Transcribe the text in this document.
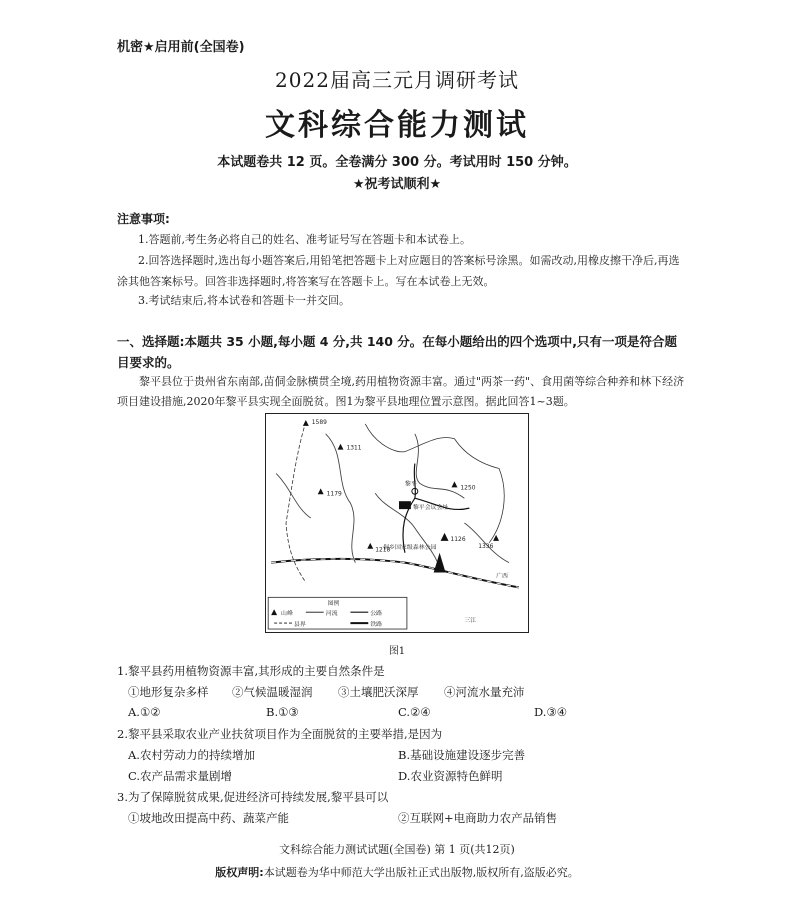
机密★启用前(全国卷)
2022届高三元月调研考试
文科综合能力测试
本试题卷共 12 页。全卷满分 300 分。考试用时 150 分钟。
★祝考试顺利★
注意事项:
1.答题前,考生务必将自己的姓名、准考证号写在答题卡和本试卷上。
2.回答选择题时,选出每小题答案后,用铅笔把答题卡上对应题目的答案标号涂黑。如需改动,用橡皮擦干净后,再选涂其他答案标号。回答非选择题时,将答案写在答题卡上。写在本试卷上无效。
3.考试结束后,将本试卷和答题卡一并交回。
一、选择题:本题共 35 小题,每小题 4 分,共 140 分。在每小题给出的四个选项中,只有一项是符合题目要求的。
黎平县位于贵州省东南部,苗侗金脉横贯全境,药用植物资源丰富。通过"两茶一药"、食用菌等综合种养和林下经济项目建设措施,2020年黎平县实现全面脱贫。图1为黎平县地理位置示意图。据此回答1~3题。
1589
1311
1179
1250
1218
1126
1336
黎平
黎平会议会址
侗乡国家级森林公园
广西
三江
图例
山峰	河流	公路
县界	铁路
图1
1.黎平县药用植物资源丰富,其形成的主要自然条件是
①地形复杂多样 ②气候温暖湿润 ③土壤肥沃深厚 ④河流水量充沛
A.①②	B.①③	C.②④	D.③④
2.黎平县采取农业产业扶贫项目作为全面脱贫的主要举措,是因为
A.农村劳动力的持续增加	B.基础设施建设逐步完善
C.农产品需求量剧增	D.农业资源特色鲜明
3.为了保障脱贫成果,促进经济可持续发展,黎平县可以
①坡地改田提高中药、蔬菜产能	②互联网+电商助力农产品销售
文科综合能力测试试题(全国卷) 第 1 页(共12页)
版权声明:本试题卷为华中师范大学出版社正式出版物,版权所有,盗版必究。
